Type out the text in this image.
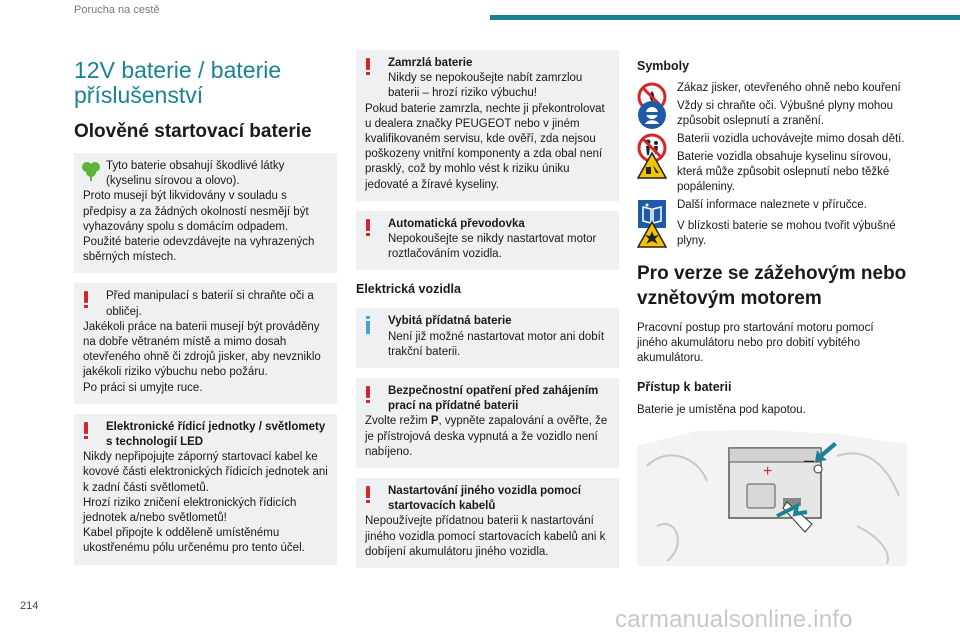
Porucha na cestě
12V baterie / baterie příslušenství
Olověné startovací baterie

Tyto baterie obsahují škodlivé látky (kyselinu sírovou a olovo).

Proto musejí být likvidovány v souladu s předpisy a za žádných okolností nesmějí být vyhazovány spolu s domácím odpadem. Použité baterie odevzdávejte na vyhrazených sběrných místech.

Před manipulací s baterií si chraňte oči a obličej.

Jakékoli práce na baterii musejí být prováděny na dobře větraném místě a mimo dosah otevřeného ohně či zdrojů jisker, aby nevzniklo jakékoli riziko výbuchu nebo požáru.

Po práci si umyjte ruce.

Elektronické řídicí jednotky / světlomety s technologií LED

Nikdy nepřipojujte záporný startovací kabel ke kovové části elektronických řídicích jednotek ani k zadní části světlometů.

Hrozí riziko zničení elektronických řídicích jednotek a/nebo světlometů!

Kabel připojte k odděleně umístěnému ukostřenému pólu určenému pro tento účel.

Zamrzlá baterie

Nikdy se nepokoušejte nabít zamrzlou baterii – hrozí riziko výbuchu!

Pokud baterie zamrzla, nechte ji překontrolovat u dealera značky PEUGEOT nebo v jiném kvalifikovaném servisu, kde ověří, zda nejsou poškozeny vnitřní komponenty a zda obal není prasklý, což by mohlo vést k riziku úniku jedovaté a žíravé kyseliny.

Automatická převodovka

Nepokoušejte se nikdy nastartovat motor roztlačováním vozidla.

Elektrická vozidla

Vybitá přídatná baterie

Není již možné nastartovat motor ani dobít trakční baterii.

Bezpečnostní opatření před zahájením prací na přídatné baterii

Zvolte režim P, vypněte zapalování a ověřte, že je přístrojová deska vypnutá a že vozidlo není nabíjeno.

Nastartování jiného vozidla pomocí startovacích kabelů

Nepoužívejte přídatnou baterii k nastartování jiného vozidla pomocí startovacích kabelů ani k dobíjení akumulátoru jiného vozidla.

Symboly

Zákaz jisker, otevřeného ohně nebo kouření

Vždy si chraňte oči. Výbušné plyny mohou způsobit oslepnutí a zranění.

Baterii vozidla uchovávejte mimo dosah dětí.

Baterie vozidla obsahuje kyselinu sírovou, která může způsobit oslepnutí nebo těžké popáleniny.

Další informace naleznete v příručce.

V blízkosti baterie se mohou tvořit výbušné plyny.

Pro verze se zážehovým nebo vznětovým motorem

Pracovní postup pro startování motoru pomocí jiného akumulátoru nebo pro dobití vybitého akumulátoru.

Přístup k baterii

Baterie je umístěna pod kapotou.

+
–
214	carmanualsonline.info
